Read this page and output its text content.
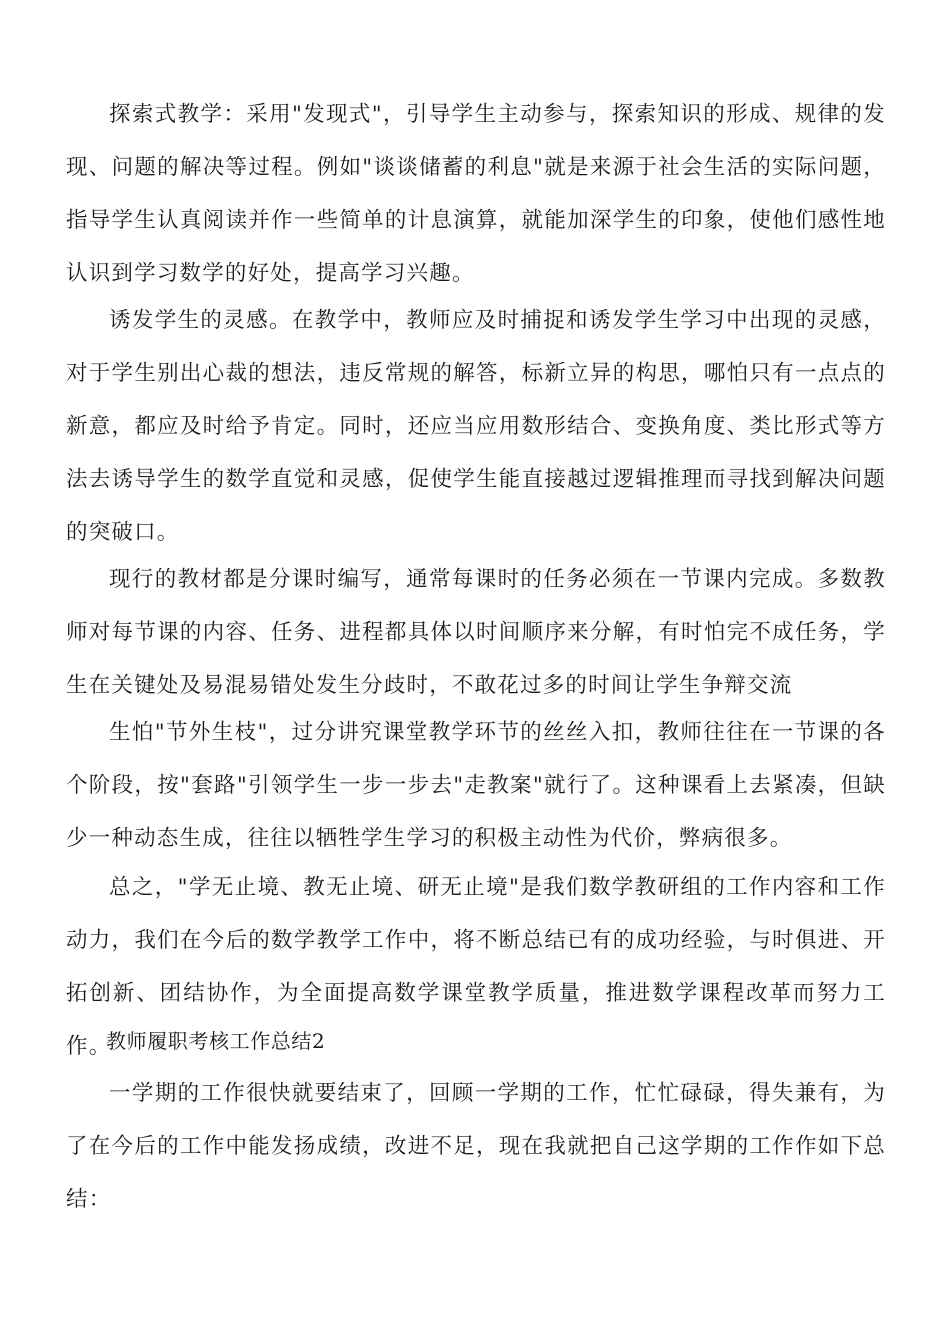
探索式教学：采用"发现式"，引导学生主动参与，探索知识的形成、规律的发现、问题的解决等过程。例如"谈谈储蓄的利息"就是来源于社会生活的实际问题，指导学生认真阅读并作一些简单的计息演算，就能加深学生的印象，使他们感性地认识到学习数学的好处，提高学习兴趣。

诱发学生的灵感。在教学中，教师应及时捕捉和诱发学生学习中出现的灵感，对于学生别出心裁的想法，违反常规的解答，标新立异的构思，哪怕只有一点点的新意，都应及时给予肯定。同时，还应当应用数形结合、变换角度、类比形式等方法去诱导学生的数学直觉和灵感，促使学生能直接越过逻辑推理而寻找到解决问题的突破口。

现行的教材都是分课时编写，通常每课时的任务必须在一节课内完成。多数教师对每节课的内容、任务、进程都具体以时间顺序来分解，有时怕完不成任务，学生在关键处及易混易错处发生分歧时，不敢花过多的时间让学生争辩交流

生怕"节外生枝"，过分讲究课堂教学环节的丝丝入扣，教师往往在一节课的各个阶段，按"套路"引领学生一步一步去"走教案"就行了。这种课看上去紧凑，但缺少一种动态生成，往往以牺牲学生学习的积极主动性为代价，弊病很多。

总之，"学无止境、教无止境、研无止境"是我们数学教研组的工作内容和工作动力，我们在今后的数学教学工作中，将不断总结已有的成功经验，与时俱进、开拓创新、团结协作，为全面提高数学课堂教学质量，推进数学课程改革而努力工作。

教师履职考核工作总结2

一学期的工作很快就要结束了，回顾一学期的工作，忙忙碌碌，得失兼有，为了在今后的工作中能发扬成绩，改进不足，现在我就把自己这学期的工作作如下总结：
